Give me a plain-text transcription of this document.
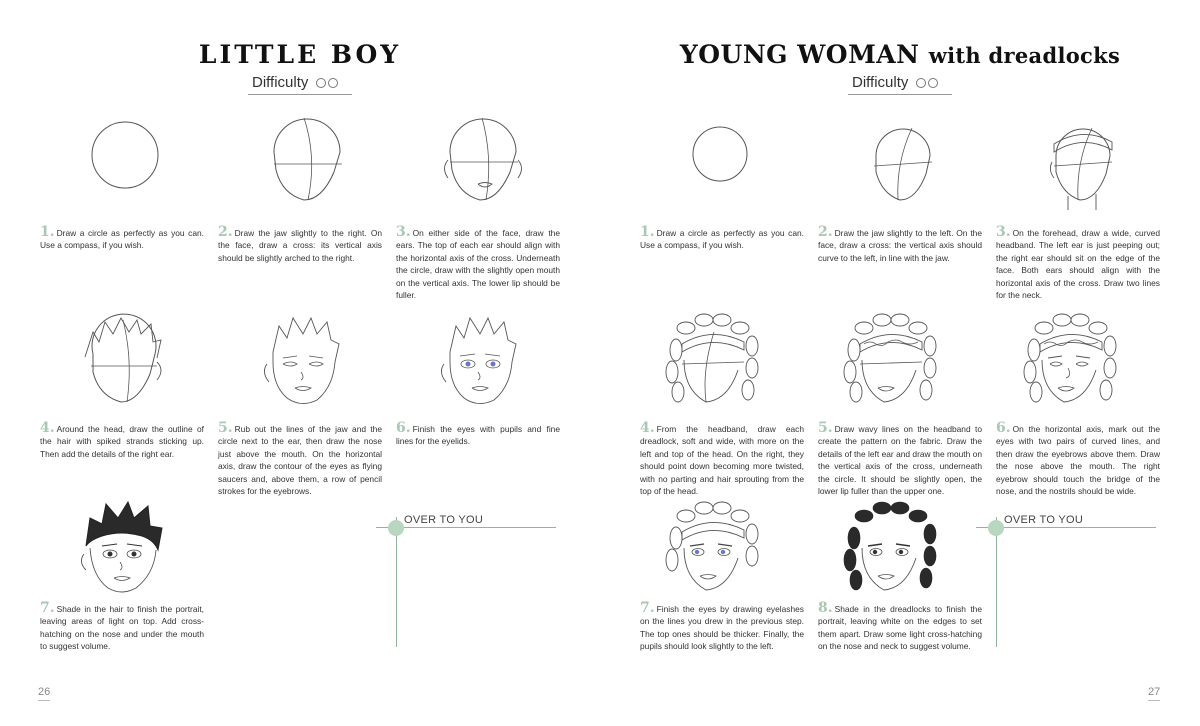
LITTLE BOY
Difficulty
1. Draw a circle as perfectly as you can. Use a compass, if you wish.
2. Draw the jaw slightly to the right. On the face, draw a cross: its vertical axis should be slightly arched to the right.
3. On either side of the face, draw the ears. The top of each ear should align with the horizontal axis of the cross. Underneath the circle, draw with the slightly open mouth on the vertical axis. The lower lip should be fuller.
4. Around the head, draw the outline of the hair with spiked strands sticking up. Then add the details of the right ear.
5. Rub out the lines of the jaw and the circle next to the ear, then draw the nose just above the mouth. On the horizontal axis, draw the contour of the eyes as flying saucers and, above them, a row of pencil strokes for the eyebrows.
6. Finish the eyes with pupils and fine lines for the eyelids.
7. Shade in the hair to finish the portrait, leaving areas of light on top. Add cross-hatching on the nose and under the mouth to suggest volume.
OVER TO YOU
26
YOUNG WOMAN with dreadlocks
Difficulty
1. Draw a circle as perfectly as you can. Use a compass, if you wish.
2. Draw the jaw slightly to the left. On the face, draw a cross: the vertical axis should curve to the left, in line with the jaw.
3. On the forehead, draw a wide, curved headband. The left ear is just peeping out; the right ear should sit on the edge of the face. Both ears should align with the horizontal axis of the cross. Draw two lines for the neck.
4. From the headband, draw each dreadlock, soft and wide, with more on the left and top of the head. On the right, they should point down becoming more twisted, with no parting and hair sprouting from the top of the head.
5. Draw wavy lines on the headband to create the pattern on the fabric. Draw the details of the left ear and draw the mouth on the vertical axis of the cross, underneath the circle. It should be slightly open, the lower lip fuller than the upper one.
6. On the horizontal axis, mark out the eyes with two pairs of curved lines, and then draw the eyebrows above them. Draw the nose above the mouth. The right eyebrow should touch the bridge of the nose, and the nostrils should be wide.
7. Finish the eyes by drawing eyelashes on the lines you drew in the previous step. The top ones should be thicker. Finally, the pupils should look slightly to the left.
8. Shade in the dreadlocks to finish the portrait, leaving white on the edges to set them apart. Draw some light cross-hatching on the nose and neck to suggest volume.
OVER TO YOU
27
